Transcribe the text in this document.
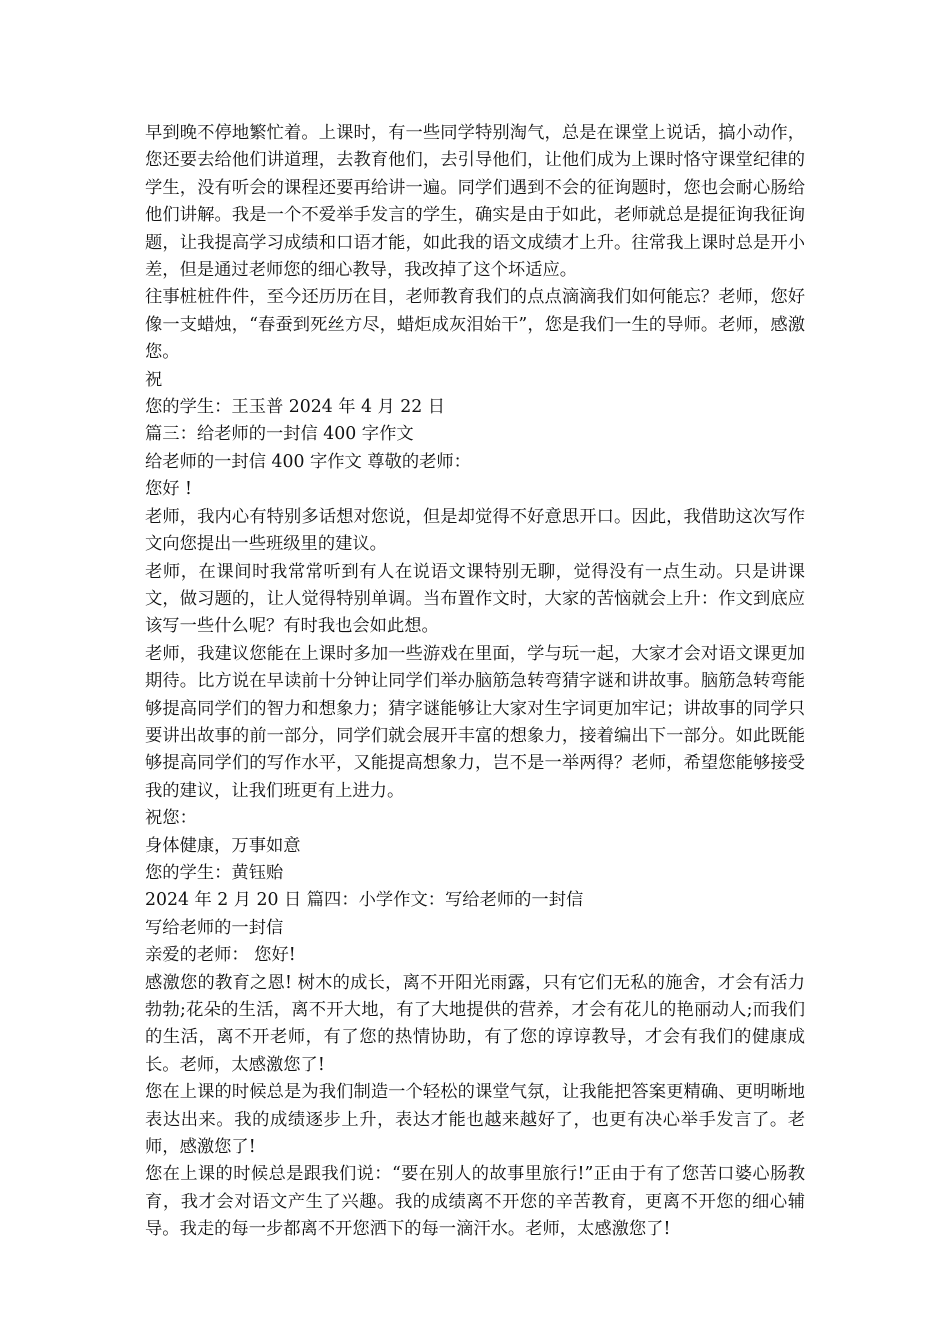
早到晚不停地繁忙着。上课时，有一些同学特别淘气，总是在课堂上说话，搞小动作，您还要去给他们讲道理，去教育他们，去引导他们，让他们成为上课时恪守课堂纪律的学生，没有听会的课程还要再给讲一遍。同学们遇到不会的征询题时，您也会耐心肠给他们讲解。我是一个不爱举手发言的学生，确实是由于如此，老师就总是提征询我征询题，让我提高学习成绩和口语才能，如此我的语文成绩才上升。往常我上课时总是开小差，但是通过老师您的细心教导，我改掉了这个坏适应。

往事桩桩件件，至今还历历在目，老师教育我们的点点滴滴我们如何能忘？老师，您好像一支蜡烛，“春蚕到死丝方尽，蜡炬成灰泪始干”，您是我们一生的导师。老师，感激您。

祝

您的学生：王玉普 2024 年 4 月 22 日

篇三：给老师的一封信 400 字作文

给老师的一封信 400 字作文 尊敬的老师：

您好 !

老师，我内心有特别多话想对您说，但是却觉得不好意思开口。因此，我借助这次写作文向您提出一些班级里的建议。

老师，在课间时我常常听到有人在说语文课特别无聊，觉得没有一点生动。只是讲课文，做习题的，让人觉得特别单调。当布置作文时，大家的苦恼就会上升：作文到底应该写一些什么呢？有时我也会如此想。

老师，我建议您能在上课时多加一些游戏在里面，学与玩一起，大家才会对语文课更加期待。比方说在早读前十分钟让同学们举办脑筋急转弯猜字谜和讲故事。脑筋急转弯能够提高同学们的智力和想象力；猜字谜能够让大家对生字词更加牢记；讲故事的同学只要讲出故事的前一部分，同学们就会展开丰富的想象力，接着编出下一部分。如此既能够提高同学们的写作水平，又能提高想象力，岂不是一举两得？老师，希望您能够接受我的建议，让我们班更有上进力。

祝您：

身体健康，万事如意

您的学生：黄钰贻

2024 年 2 月 20 日 篇四：小学作文：写给老师的一封信

写给老师的一封信

亲爱的老师： 您好!

感激您的教育之恩! 树木的成长，离不开阳光雨露，只有它们无私的施舍，才会有活力勃勃;花朵的生活，离不开大地，有了大地提供的营养，才会有花儿的艳丽动人;而我们的生活，离不开老师，有了您的热情协助，有了您的谆谆教导，才会有我们的健康成长。老师，太感激您了!

您在上课的时候总是为我们制造一个轻松的课堂气氛，让我能把答案更精确、更明晰地表达出来。我的成绩逐步上升，表达才能也越来越好了，也更有决心举手发言了。老师，感激您了!

您在上课的时候总是跟我们说：“要在别人的故事里旅行!”正由于有了您苦口婆心肠教育，我才会对语文产生了兴趣。我的成绩离不开您的辛苦教育，更离不开您的细心辅导。我走的每一步都离不开您洒下的每一滴汗水。老师，太感激您了!
